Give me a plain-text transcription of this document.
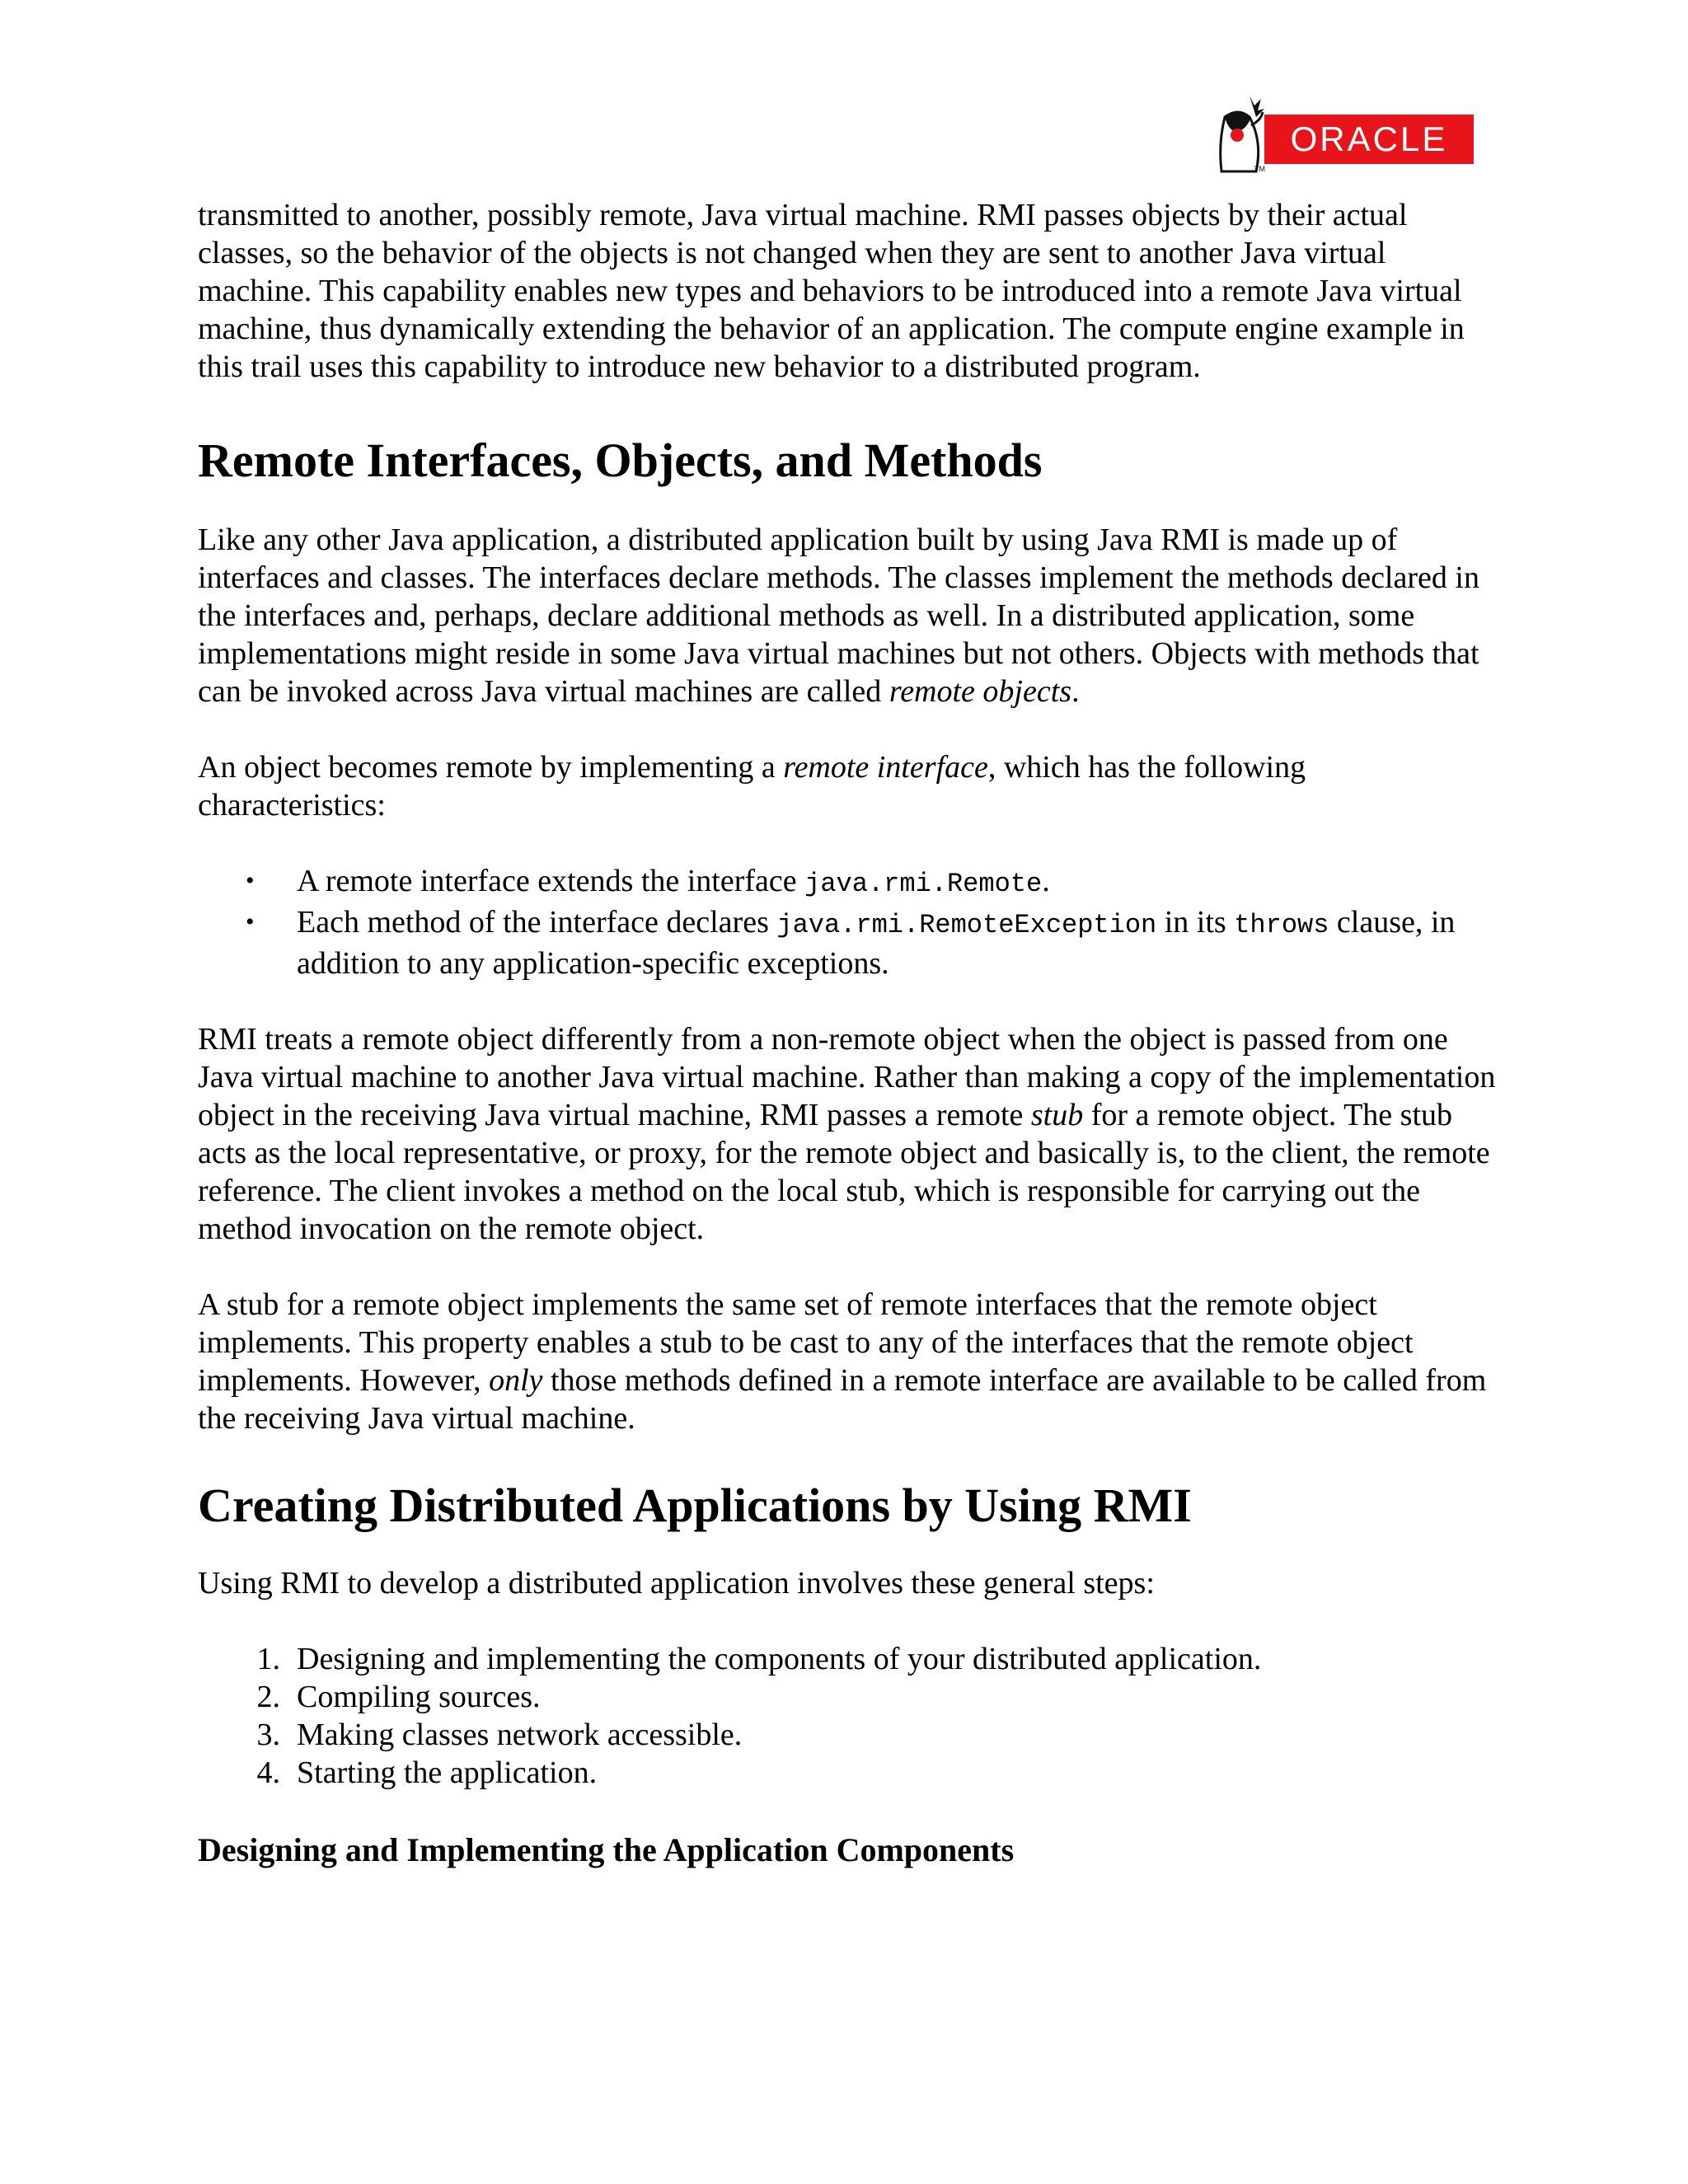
TM
ORACLE

transmitted to another, possibly remote, Java virtual machine. RMI passes objects by their actual classes, so the behavior of the objects is not changed when they are sent to another Java virtual machine. This capability enables new types and behaviors to be introduced into a remote Java virtual machine, thus dynamically extending the behavior of an application. The compute engine example in this trail uses this capability to introduce new behavior to a distributed program.

Remote Interfaces, Objects, and Methods

Like any other Java application, a distributed application built by using Java RMI is made up of interfaces and classes. The interfaces declare methods. The classes implement the methods declared in the interfaces and, perhaps, declare additional methods as well. In a distributed application, some implementations might reside in some Java virtual machines but not others. Objects with methods that can be invoked across Java virtual machines are called remote objects.

An object becomes remote by implementing a remote interface, which has the following characteristics:

• A remote interface extends the interface java.rmi.Remote.
• Each method of the interface declares java.rmi.RemoteException in its throws clause, in addition to any application-specific exceptions.

RMI treats a remote object differently from a non-remote object when the object is passed from one Java virtual machine to another Java virtual machine. Rather than making a copy of the implementation object in the receiving Java virtual machine, RMI passes a remote stub for a remote object. The stub acts as the local representative, or proxy, for the remote object and basically is, to the client, the remote reference. The client invokes a method on the local stub, which is responsible for carrying out the method invocation on the remote object.

A stub for a remote object implements the same set of remote interfaces that the remote object implements. This property enables a stub to be cast to any of the interfaces that the remote object implements. However, only those methods defined in a remote interface are available to be called from the receiving Java virtual machine.

Creating Distributed Applications by Using RMI

Using RMI to develop a distributed application involves these general steps:

1. Designing and implementing the components of your distributed application.
2. Compiling sources.
3. Making classes network accessible.
4. Starting the application.
Designing and Implementing the Application Components
